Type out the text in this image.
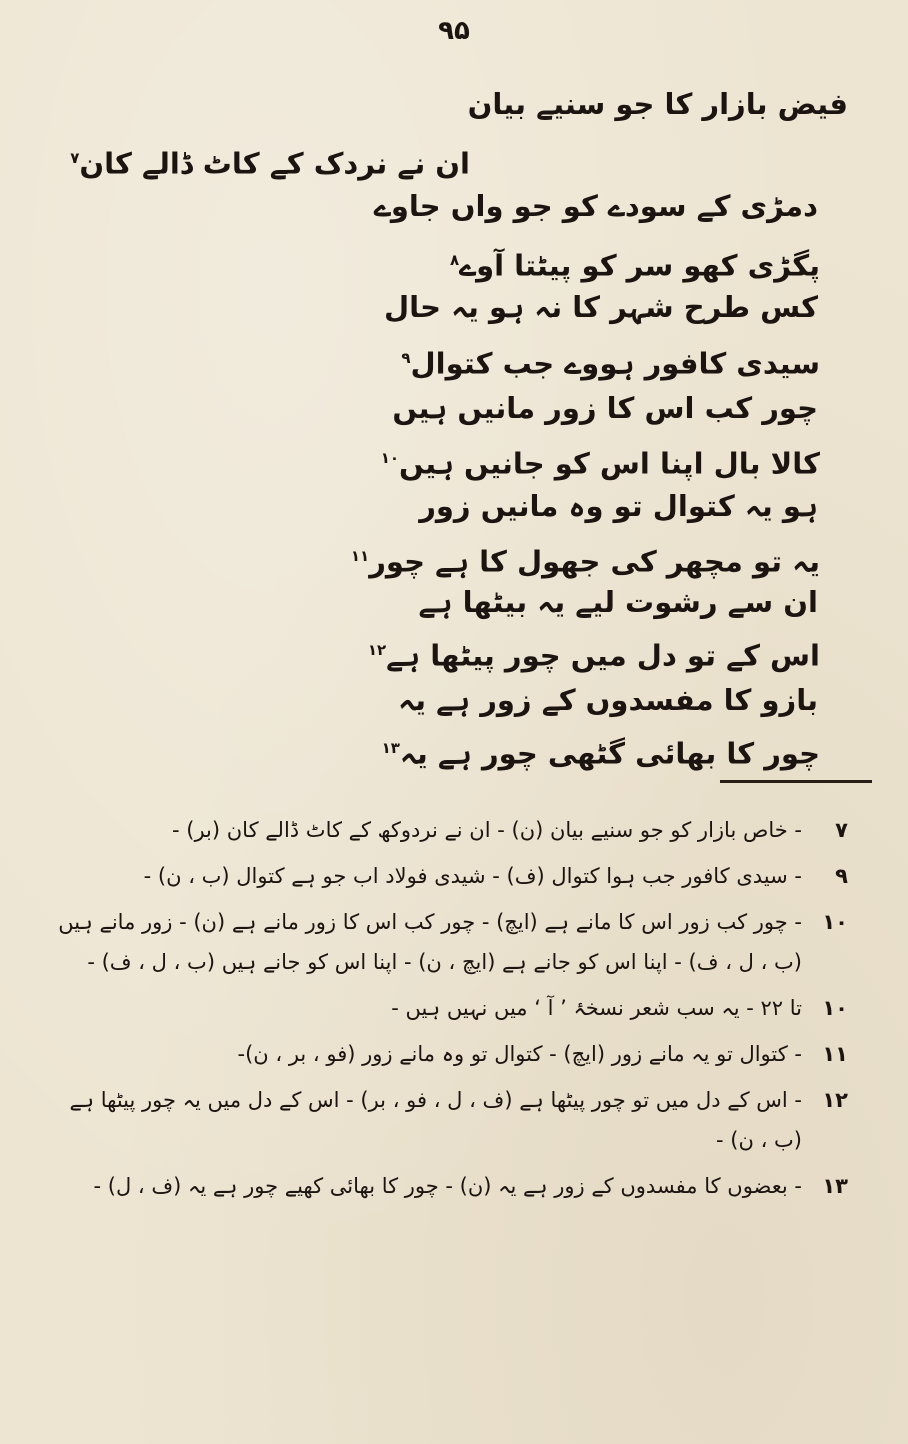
۹۵
فیض بازار کا جو سنیے بیان
ان نے نردک کے کاٹ ڈالے کان$^۷$
دمڑی کے سودے کو جو واں جاوے
پگڑی کھو سر کو پیٹتا آوے$^۸$
کس طرح شہر کا نہ ہو یہ حال
سیدی کافور ہووے جب کتوال$^۹$
چور کب اس کا زور مانیں ہیں
کالا بال اپنا اس کو جانیں ہیں$^{۱۰}$
ہو یہ کتوال تو وہ مانیں زور
یہ تو مچھر کی جھول کا ہے چور$^{۱۱}$
ان سے رشوت لیے یہ بیٹھا ہے
اس کے تو دل میں چور پیٹھا ہے$^{۱۲}$
بازو کا مفسدوں کے زور ہے یہ
چور کا بھائی گٹھی چور ہے یہ$^{۱۳}$
۷
- خاص بازار کو جو سنیے بیان (ن) - ان نے نردوکھ کے کاٹ ڈالے کان (بر) -
۹
- سیدی کافور جب ہوا کتوال (ف) - شیدی فولاد اب جو ہے کتوال (ب ، ن) -
۱۰
- چور کب زور اس کا مانے ہے (ایچ) - چور کب اس کا زور مانے ہے (ن) - زور مانے ہیں (ب ، ل ، ف) - اپنا اس کو جانے ہے (ایچ ، ن) - اپنا اس کو جانے ہیں (ب ، ل ، ف) -
۱۰
تا ۲۲ - یہ سب شعر نسخۂ ’ آ ‘ میں نہیں ہیں -
۱۱
- کتوال تو یہ مانے زور (ایچ) - کتوال تو وہ مانے زور (فو ، بر ، ن)-
۱۲
- اس کے دل میں تو چور پیٹھا ہے (ف ، ل ، فو ، بر) - اس کے دل میں یہ چور پیٹھا ہے (ب ، ن) -
۱۳
- بعضوں کا مفسدوں کے زور ہے یہ (ن) - چور کا بھائی کھیے چور ہے یہ (ف ، ل) -
